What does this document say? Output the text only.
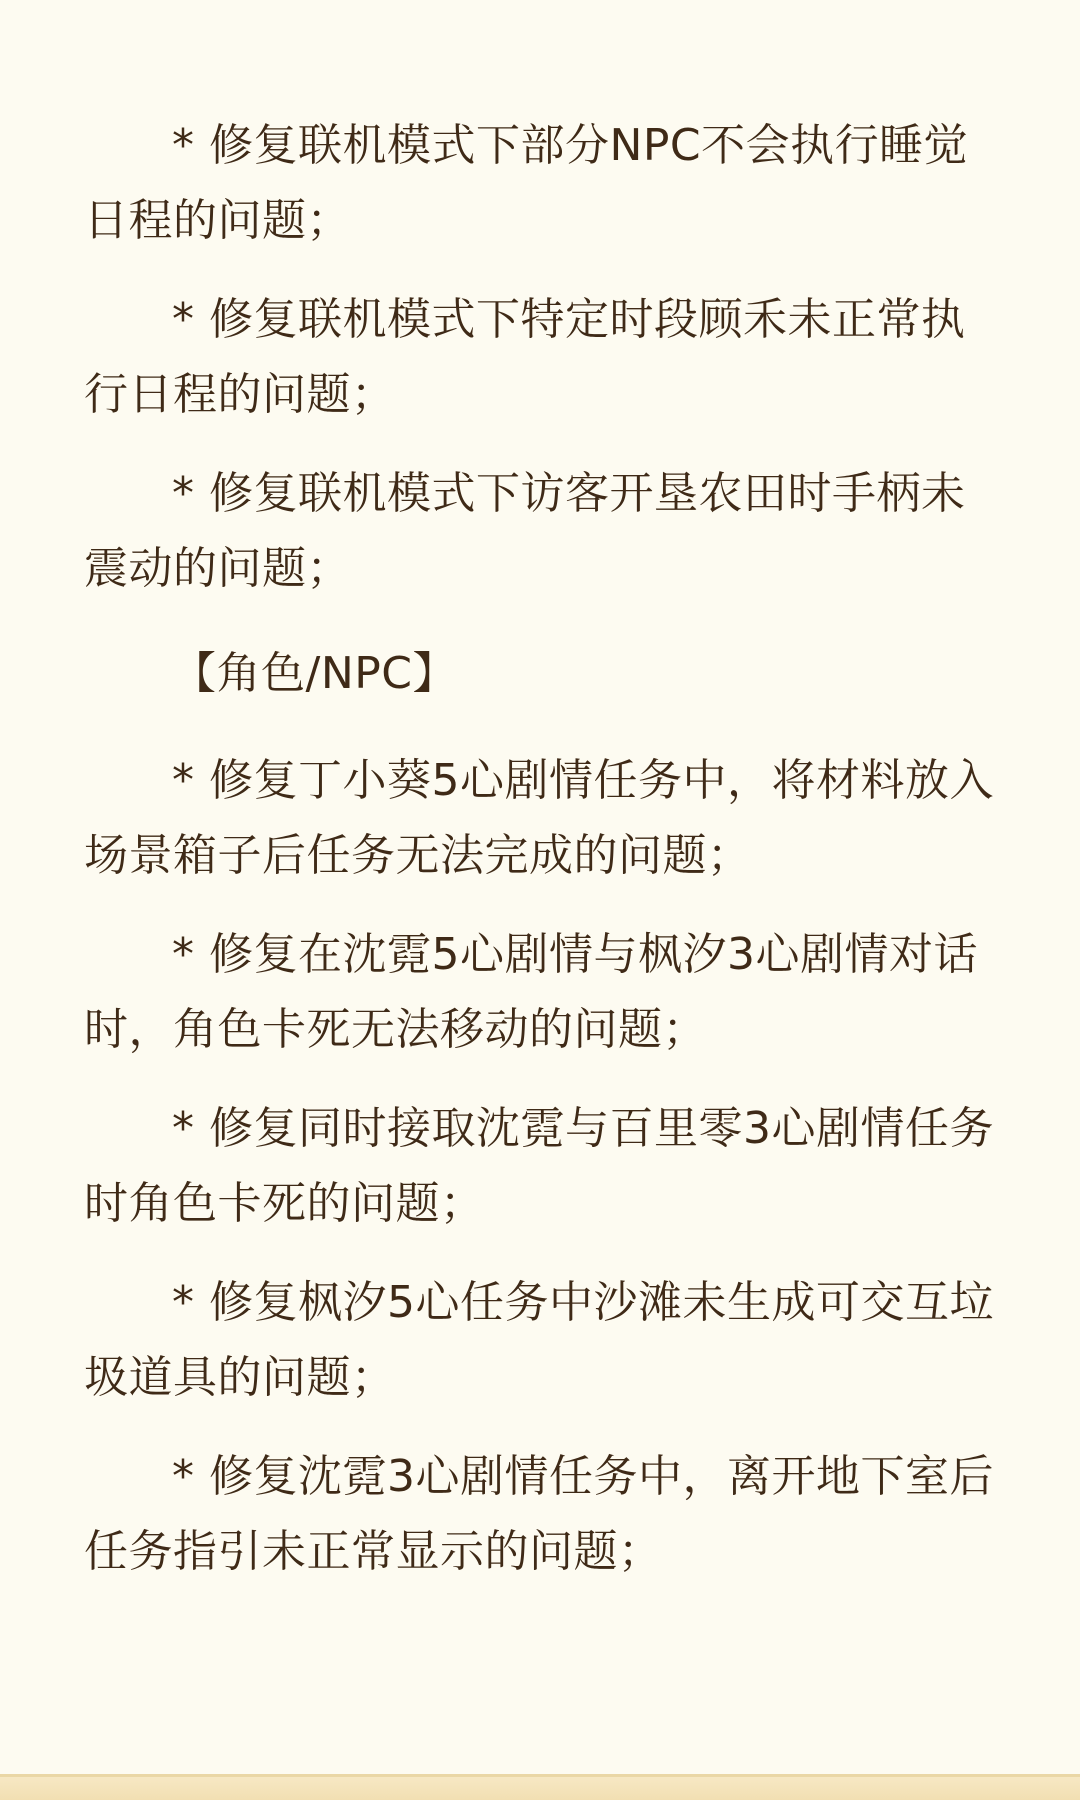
* 修复联机模式下部分NPC不会执行睡觉日程的问题；

* 修复联机模式下特定时段顾禾未正常执行日程的问题；

* 修复联机模式下访客开垦农田时手柄未震动的问题；

【角色/NPC】

* 修复丁小葵5心剧情任务中，将材料放入场景箱子后任务无法完成的问题；

* 修复在沈霓5心剧情与枫汐3心剧情对话时，角色卡死无法移动的问题；

* 修复同时接取沈霓与百里零3心剧情任务时角色卡死的问题；

* 修复枫汐5心任务中沙滩未生成可交互垃圾道具的问题；

* 修复沈霓3心剧情任务中，离开地下室后任务指引未正常显示的问题；
